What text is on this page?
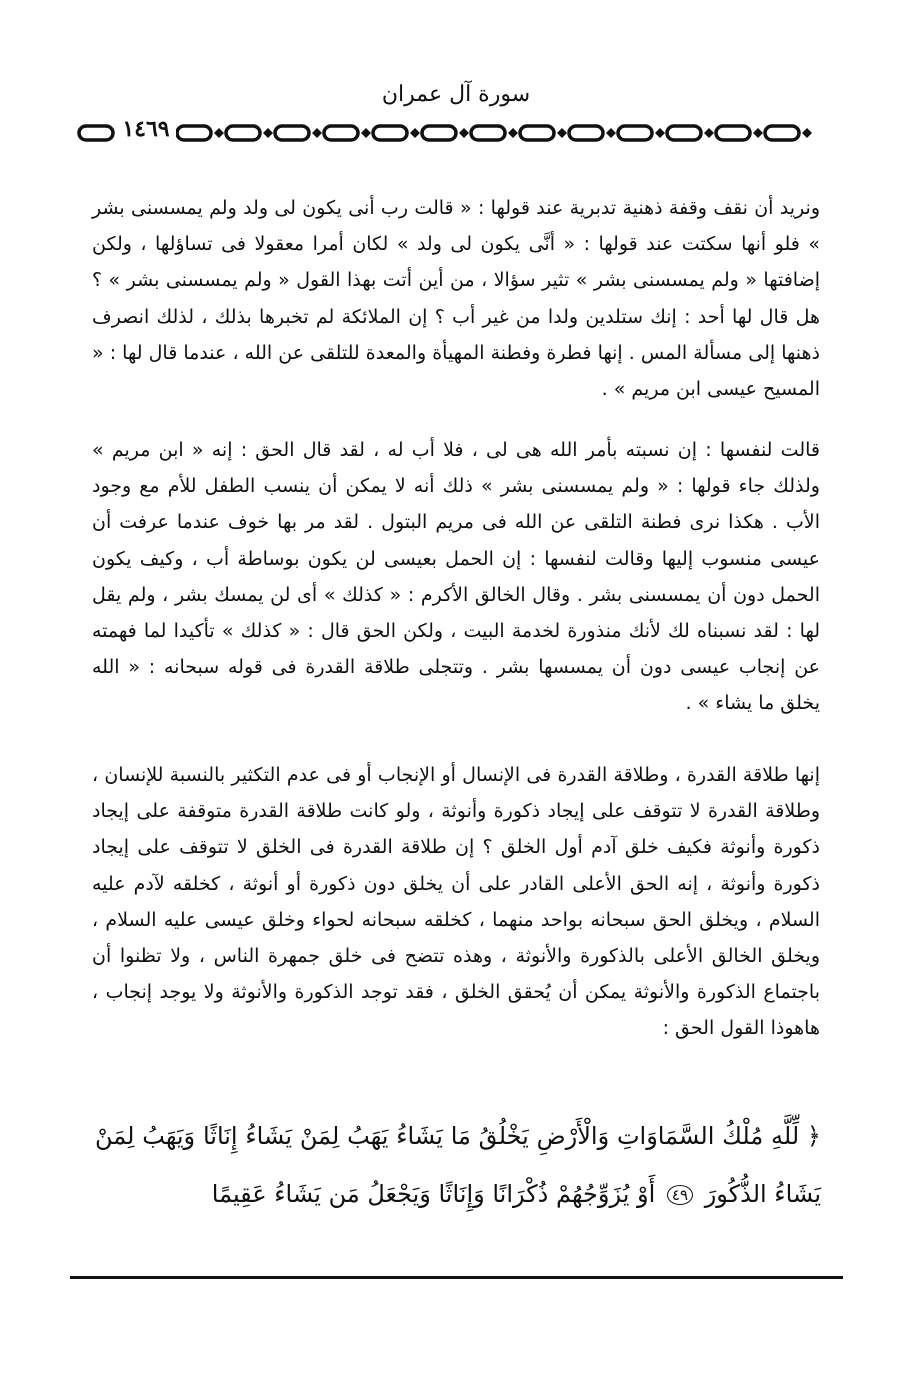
سورة آل عمران
١٤٦٩
ونريد أن نقف وقفة ذهنية تدبرية عند قولها : « قالت رب أنى يكون لى ولد ولم يمسسنى بشر » فلو أنها سكتت عند قولها : « أنَّى يكون لى ولد » لكان أمرا معقولا فى تساؤلها ، ولكن إضافتها « ولم يمسسنى بشر » تثير سؤالا ، من أين أتت بهذا القول « ولم يمسسنى بشر » ؟ هل قال لها أحد : إنك ستلدين ولدا من غير أب ؟ إن الملائكة لم تخبرها بذلك ، لذلك انصرف ذهنها إلى مسألة المس . إنها فطرة وفطنة المهيأة والمعدة للتلقى عن الله ، عندما قال لها : « المسيح عيسى ابن مريم » .
قالت لنفسها : إن نسبته بأمر الله هى لى ، فلا أب له ، لقد قال الحق : إنه « ابن مريم » ولذلك جاء قولها : « ولم يمسسنى بشر » ذلك أنه لا يمكن أن ينسب الطفل للأم مع وجود الأب . هكذا نرى فطنة التلقى عن الله فى مريم البتول . لقد مر بها خوف عندما عرفت أن عيسى منسوب إليها وقالت لنفسها : إن الحمل بعيسى لن يكون بوساطة أب ، وكيف يكون الحمل دون أن يمسسنى بشر . وقال الخالق الأكرم : « كذلك » أى لن يمسك بشر ، ولم يقل لها : لقد نسبناه لك لأنك منذورة لخدمة البيت ، ولكن الحق قال : « كذلك » تأكيدا لما فهمته عن إنجاب عيسى دون أن يمسسها بشر . وتتجلى طلاقة القدرة فى قوله سبحانه : « الله يخلق ما يشاء » .
إنها طلاقة القدرة ، وطلاقة القدرة فى الإنسال أو الإنجاب أو فى عدم التكثير بالنسبة للإنسان ، وطلاقة القدرة لا تتوقف على إيجاد ذكورة وأنوثة ، ولو كانت طلاقة القدرة متوقفة على إيجاد ذكورة وأنوثة فكيف خلق آدم أول الخلق ؟ إن طلاقة القدرة فى الخلق لا تتوقف على إيجاد ذكورة وأنوثة ، إنه الحق الأعلى القادر على أن يخلق دون ذكورة أو أنوثة ، كخلقه لآدم عليه السلام ، ويخلق الحق سبحانه بواحد منهما ، كخلقه سبحانه لحواء وخلق عيسى عليه السلام ، ويخلق الخالق الأعلى بالذكورة والأنوثة ، وهذه تتضح فى خلق جمهرة الناس ، ولا تظنوا أن باجتماع الذكورة والأنوثة يمكن أن يُحقق الخلق ، فقد توجد الذكورة والأنوثة ولا يوجد إنجاب ، هاهوذا القول الحق :
﴿ لِّلَّهِ مُلْكُ السَّمَاوَاتِ وَالْأَرْضِ يَخْلُقُ مَا يَشَاءُ يَهَبُ لِمَنْ يَشَاءُ إِنَاثًا وَيَهَبُ لِمَنْ يَشَاءُ الذُّكُورَ ٤٩ أَوْ يُزَوِّجُهُمْ ذُكْرَانًا وَإِنَاثًا وَيَجْعَلُ مَن يَشَاءُ عَقِيمًا
